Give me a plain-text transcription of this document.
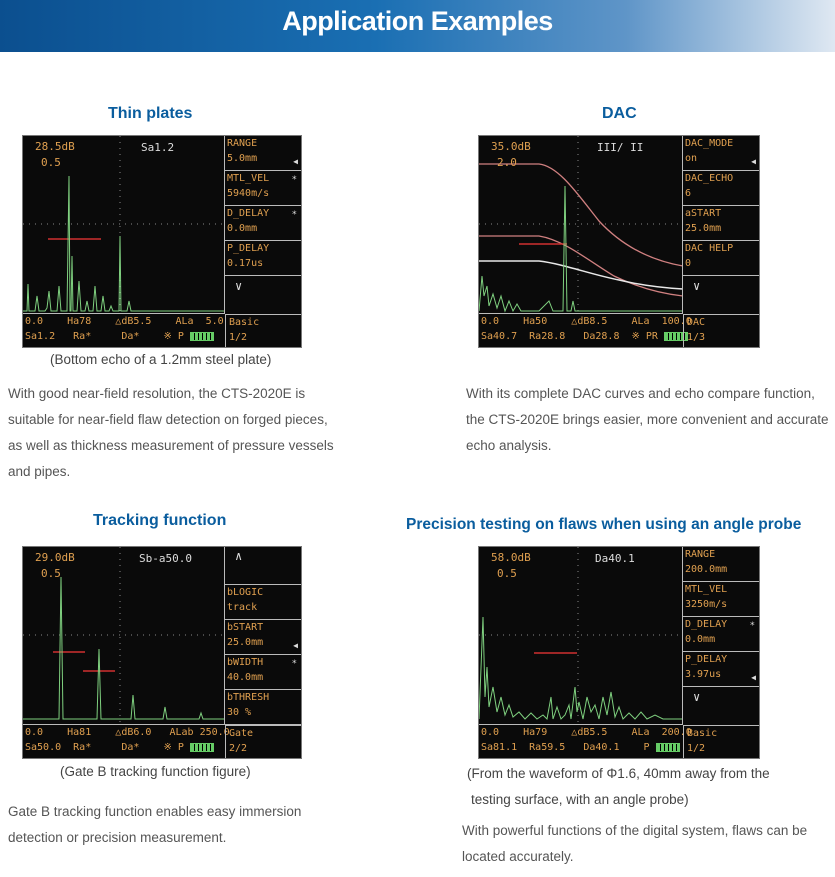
Application Examples
Thin plates
28.5dB
0.5
Sa1.2	RANGE
5.0mm	◀
MTL_VEL
5940m/s
*
D_DELAY
0.0mm
*
P_DELAY
0.17us
∨
0.0    Ha78    △dB5.5    ALa  5.0
Sa1.2   Ra*     Da*    ※ P
Basic
1/2
(Bottom echo of a 1.2mm steel plate)
With good near-field resolution, the CTS-2020E is
suitable for near-field flaw detection on forged pieces,
as well as thickness measurement of pressure vessels
and pipes.
DAC
35.0dB
2.0
III/ II	DAC_MODE
on	◀
DAC_ECHO
6
aSTART
25.0mm
DAC HELP
0
∨
0.0    Ha50    △dB8.5    ALa  100.0
Sa40.7  Ra28.8   Da28.8  ※ PR
DAC
1/3
With its complete DAC curves and echo compare function,
the CTS-2020E brings easier, more convenient and accurate
echo analysis.
Tracking function
29.0dB
0.5
Sb-a50.0	∧
bLOGIC
track
bSTART
25.0mm	◀
bWIDTH
40.0mm
*
bTHRESH
30 %
0.0    Ha81    △dB6.0   ALab 250.0
Sa50.0  Ra*     Da*    ※ P
Gate
2/2
(Gate B tracking function figure)
Gate B tracking function enables easy immersion
detection or precision measurement.
Precision testing on flaws when using an angle probe
58.0dB
0.5
Da40.1	RANGE
200.0mm
MTL_VEL
3250m/s
D_DELAY
0.0mm
*
P_DELAY
3.97us	◀
∨
0.0    Ha79    △dB5.5    ALa  200.0
Sa81.1  Ra59.5   Da40.1    P
Basic
1/2
(From the waveform of Φ1.6, 40mm away from the
testing surface, with an angle probe)
With powerful functions of the digital system, flaws can be
located accurately.
